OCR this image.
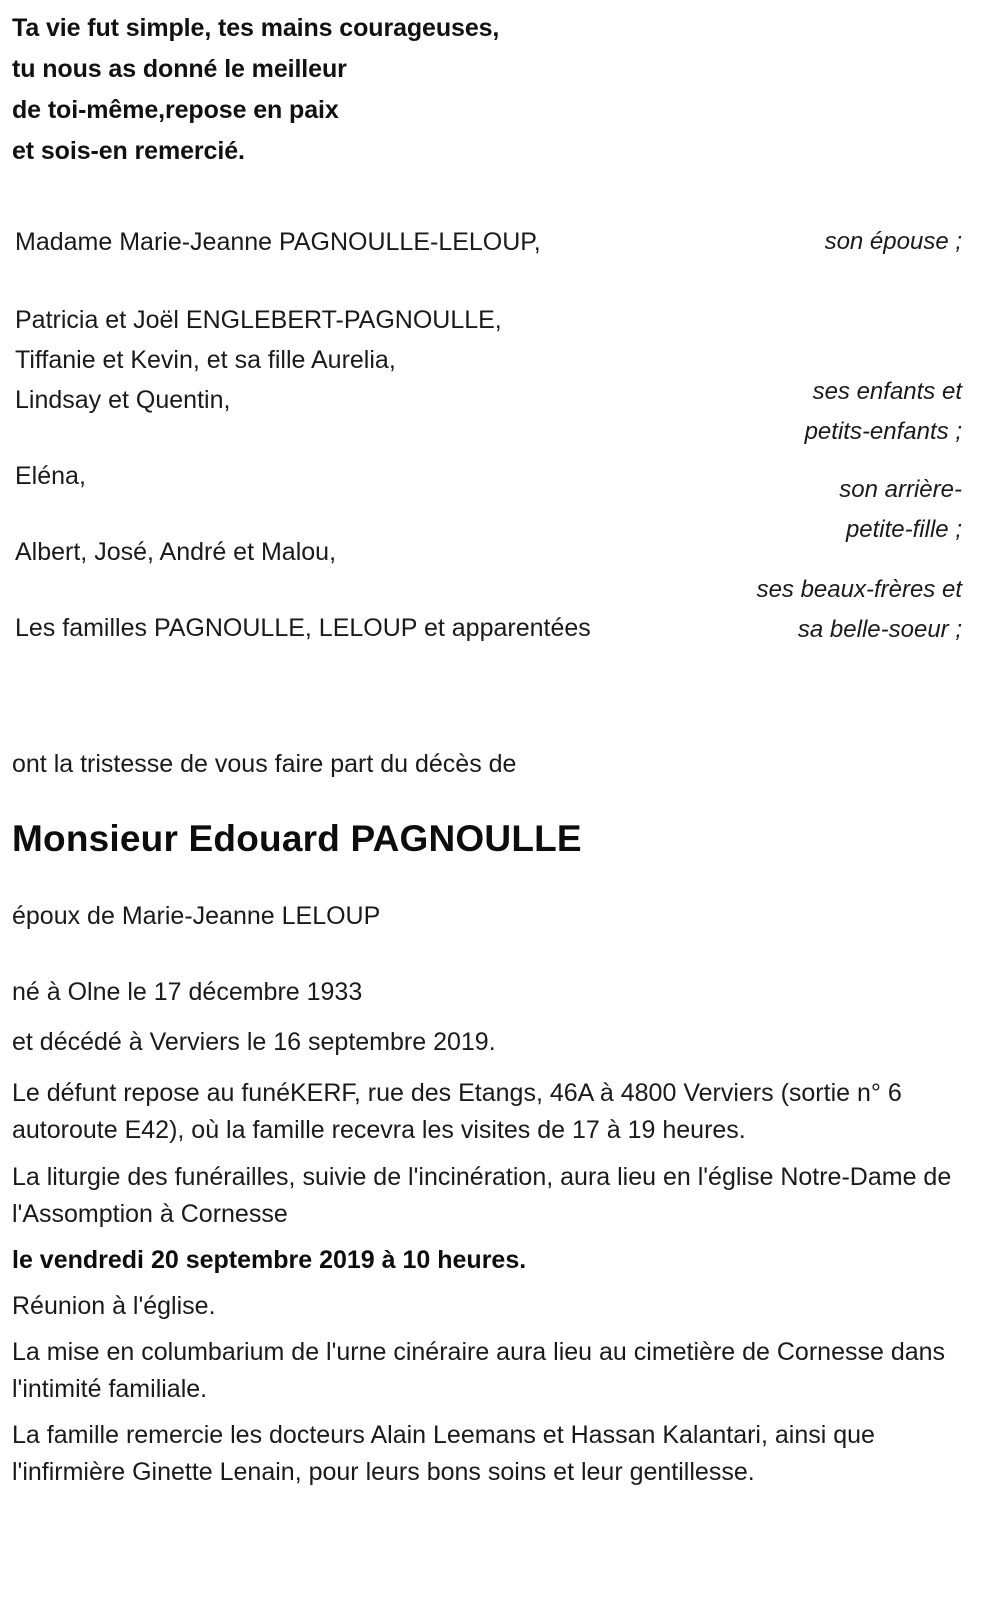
Ta vie fut simple, tes mains courageuses,
tu nous as donné le meilleur
de toi-même,repose en paix
et sois-en remercié.
Madame Marie-Jeanne PAGNOULLE-LELOUP,
Patricia et Joël ENGLEBERT-PAGNOULLE,
Tiffanie et Kevin, et sa fille Aurelia,
Lindsay et Quentin,
Eléna,
Albert, José, André et Malou,
Les familles PAGNOULLE, LELOUP et apparentées
son épouse ;
ses enfants et
petits-enfants ;
son arrière-
petite-fille ;
ses beaux-frères et
sa belle-soeur ;
ont la tristesse de vous faire part du décès de
Monsieur Edouard PAGNOULLE
époux de Marie-Jeanne LELOUP
né à Olne le 17 décembre 1933
et décédé à Verviers le 16 septembre 2019.
Le défunt repose au funéKERF, rue des Etangs, 46A à 4800 Verviers (sortie n° 6 autoroute E42), où la famille recevra les visites de 17 à 19 heures.
La liturgie des funérailles, suivie de l'incinération, aura lieu en l'église Notre-Dame de l'Assomption à Cornesse
le vendredi 20 septembre 2019 à 10 heures.
Réunion à l'église.
La mise en columbarium de l'urne cinéraire aura lieu au cimetière de Cornesse dans l'intimité familiale.
La famille remercie les docteurs Alain Leemans et Hassan Kalantari, ainsi que l'infirmière Ginette Lenain, pour leurs bons soins et leur gentillesse.
